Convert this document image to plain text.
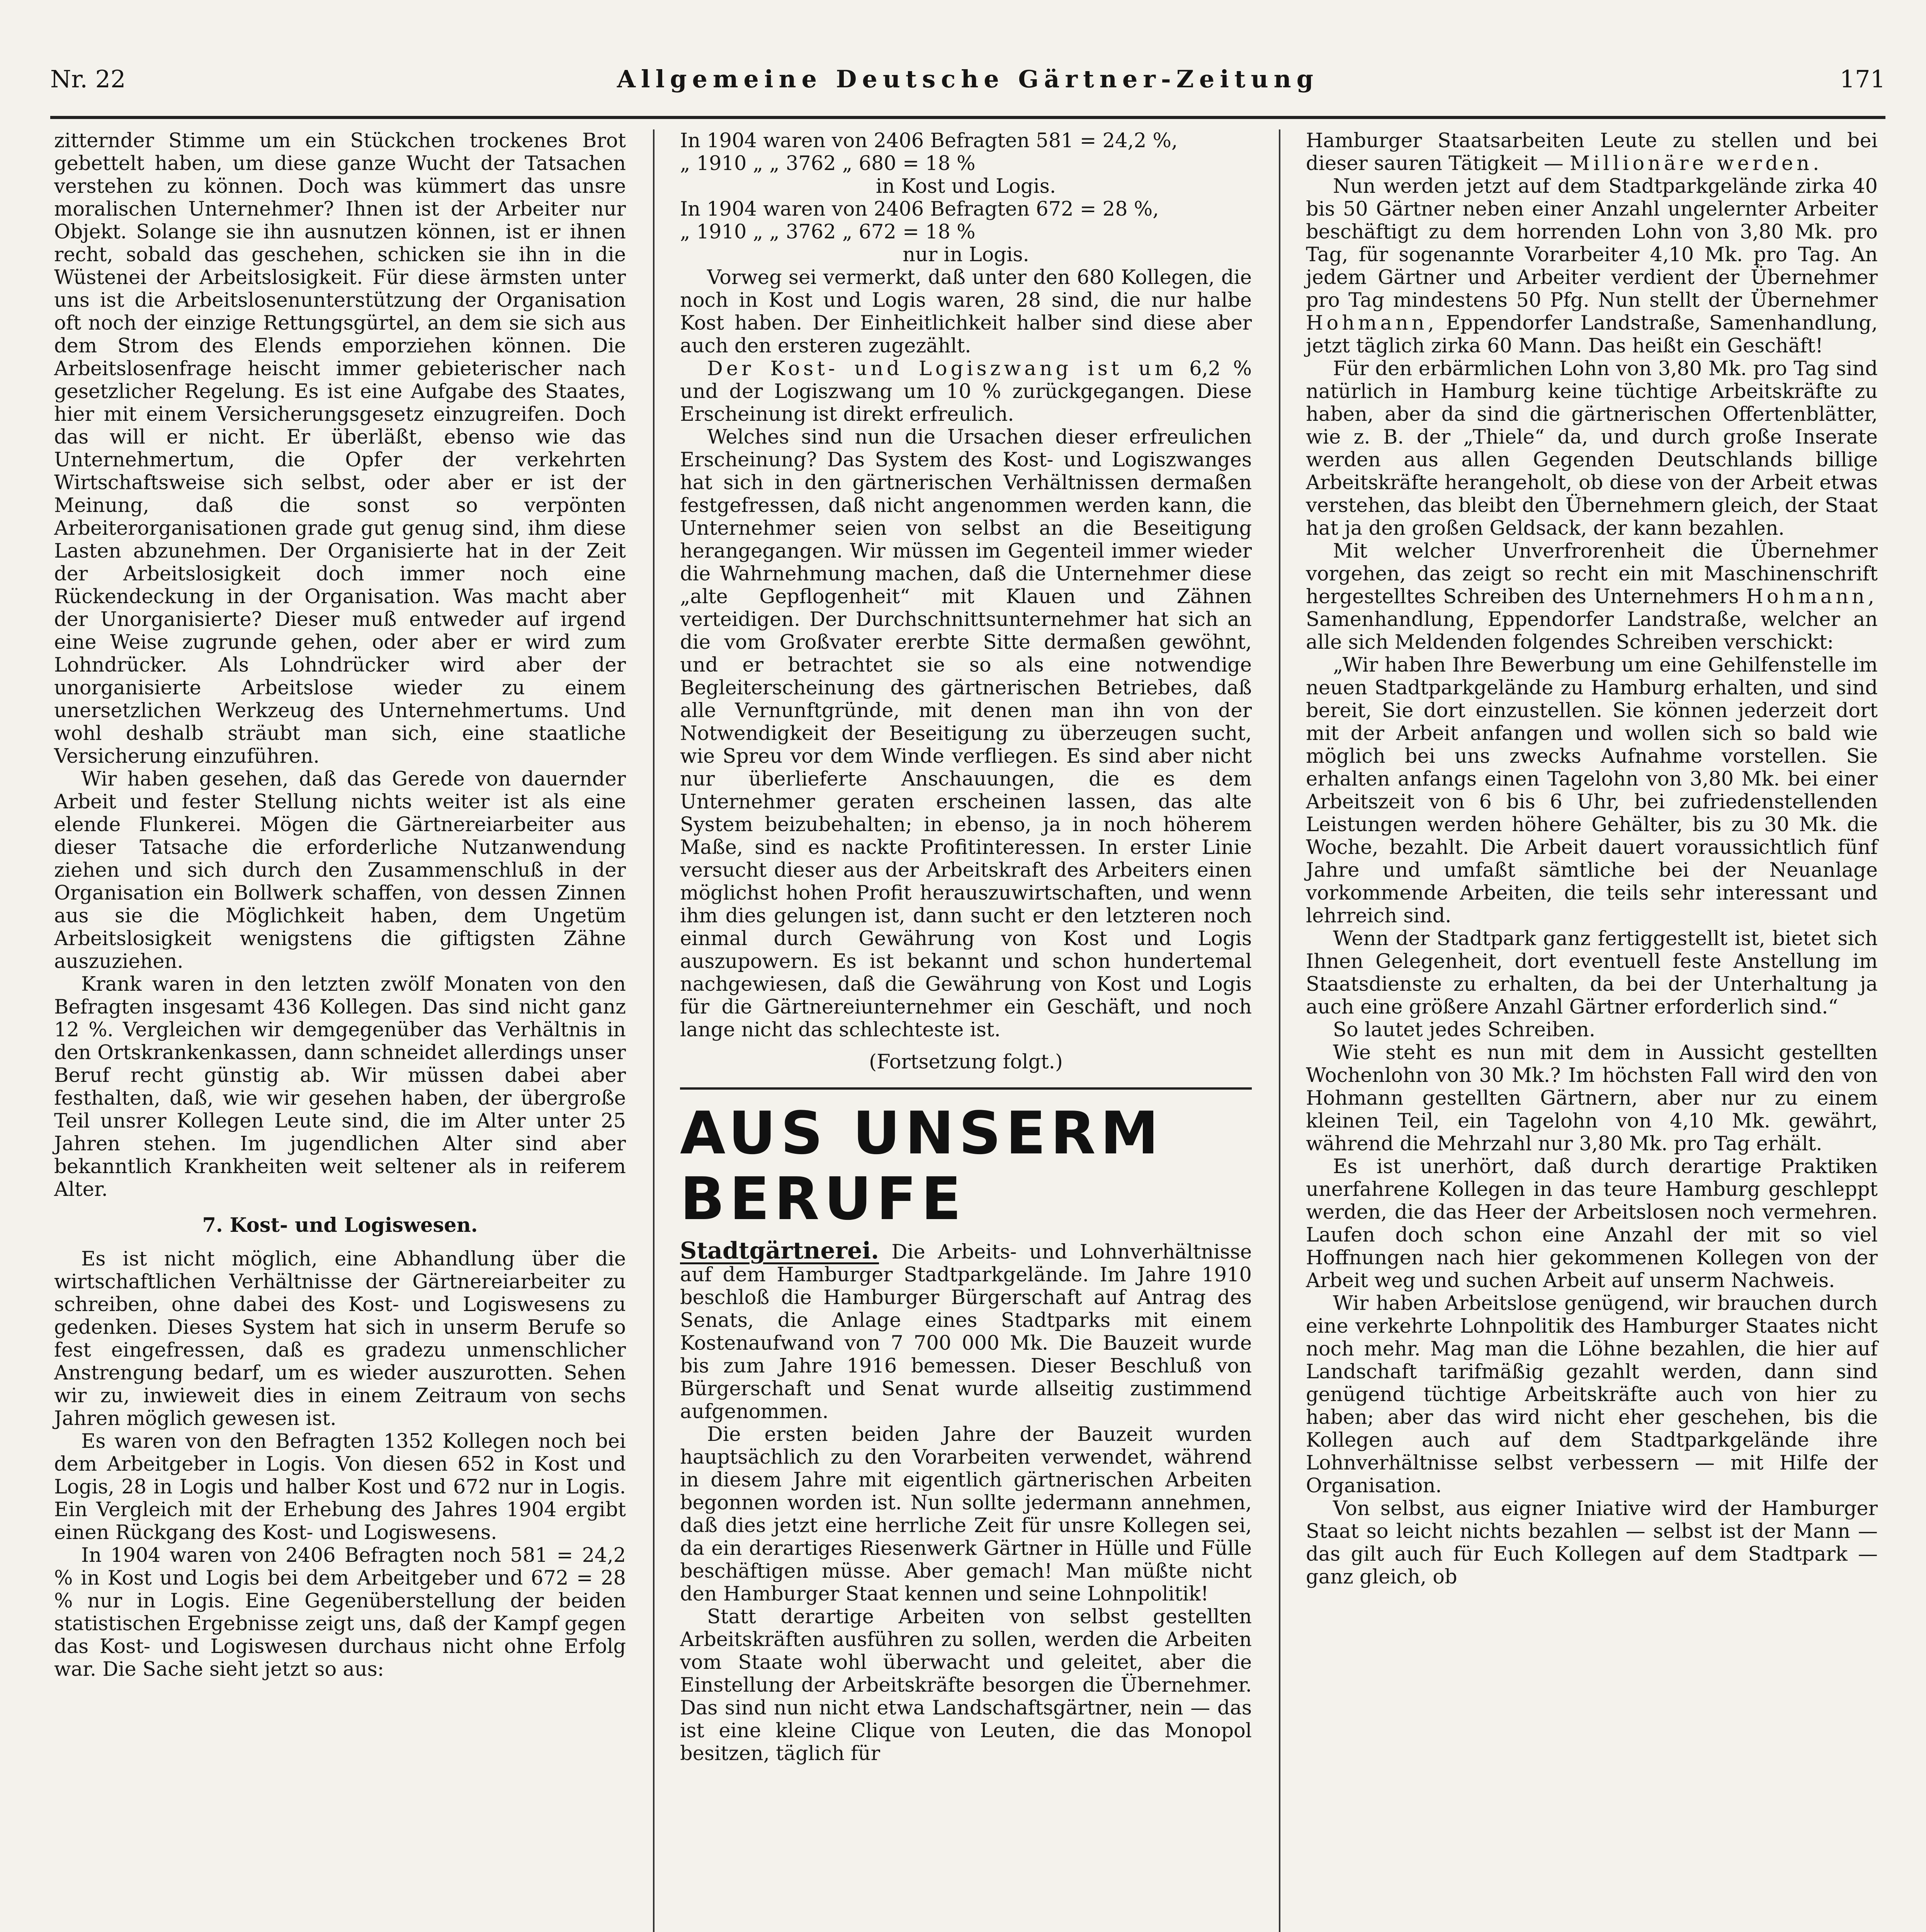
Nr. 22	Allgemeine Deutsche Gärtner-Zeitung	171

zitternder Stimme um ein Stückchen trockenes Brot gebettelt haben, um diese ganze Wucht der Tatsachen verstehen zu können. Doch was kümmert das unsre moralischen Unternehmer? Ihnen ist der Arbeiter nur Objekt. Solange sie ihn ausnutzen können, ist er ihnen recht, sobald das geschehen, schicken sie ihn in die Wüstenei der Arbeitslosigkeit. Für diese ärmsten unter uns ist die Arbeitslosenunterstützung der Organisation oft noch der einzige Rettungsgürtel, an dem sie sich aus dem Strom des Elends emporziehen können. Die Arbeitslosenfrage heischt immer gebieterischer nach gesetzlicher Regelung. Es ist eine Aufgabe des Staates, hier mit einem Versicherungsgesetz einzugreifen. Doch das will er nicht. Er überläßt, ebenso wie das Unternehmertum, die Opfer der verkehrten Wirtschaftsweise sich selbst, oder aber er ist der Meinung, daß die sonst so verpönten Arbeiterorganisationen grade gut genug sind, ihm diese Lasten abzunehmen. Der Organisierte hat in der Zeit der Arbeitslosigkeit doch immer noch eine Rückendeckung in der Organisation. Was macht aber der Unorganisierte? Dieser muß entweder auf irgend eine Weise zugrunde gehen, oder aber er wird zum Lohndrücker. Als Lohndrücker wird aber der unorganisierte Arbeitslose wieder zu einem unersetzlichen Werkzeug des Unternehmertums. Und wohl deshalb sträubt man sich, eine staatliche Versicherung einzuführen.

Wir haben gesehen, daß das Gerede von dauernder Arbeit und fester Stellung nichts weiter ist als eine elende Flunkerei. Mögen die Gärtnereiarbeiter aus dieser Tatsache die erforderliche Nutzanwendung ziehen und sich durch den Zusammenschluß in der Organisation ein Bollwerk schaffen, von dessen Zinnen aus sie die Möglichkeit haben, dem Ungetüm Arbeitslosigkeit wenigstens die giftigsten Zähne auszuziehen.

Krank waren in den letzten zwölf Monaten von den Befragten insgesamt 436 Kollegen. Das sind nicht ganz 12 %. Vergleichen wir demgegenüber das Verhältnis in den Ortskrankenkassen, dann schneidet allerdings unser Beruf recht günstig ab. Wir müssen dabei aber festhalten, daß, wie wir gesehen haben, der übergroße Teil unsrer Kollegen Leute sind, die im Alter unter 25 Jahren stehen. Im jugendlichen Alter sind aber bekanntlich Krankheiten weit seltener als in reiferem Alter.

7. Kost- und Logiswesen.

Es ist nicht möglich, eine Abhandlung über die wirtschaftlichen Verhältnisse der Gärtnereiarbeiter zu schreiben, ohne dabei des Kost- und Logiswesens zu gedenken. Dieses System hat sich in unserm Berufe so fest eingefressen, daß es gradezu unmenschlicher Anstrengung bedarf, um es wieder auszurotten. Sehen wir zu, inwieweit dies in einem Zeitraum von sechs Jahren möglich gewesen ist.

Es waren von den Befragten 1352 Kollegen noch bei dem Arbeitgeber in Logis. Von diesen 652 in Kost und Logis, 28 in Logis und halber Kost und 672 nur in Logis. Ein Vergleich mit der Erhebung des Jahres 1904 ergibt einen Rückgang des Kost- und Logiswesens.

In 1904 waren von 2406 Befragten noch 581 = 24,2 % in Kost und Logis bei dem Arbeitgeber und 672 = 28 % nur in Logis. Eine Gegenüberstellung der beiden statistischen Ergebnisse zeigt uns, daß der Kampf gegen das Kost- und Logiswesen durchaus nicht ohne Erfolg war. Die Sache sieht jetzt so aus:

In 1904 waren von 2406 Befragten 581 = 24,2 %,
„ 1910 „ „ 3762 „ 680 = 18 %
in Kost und Logis.
In 1904 waren von 2406 Befragten 672 = 28 %,
„ 1910 „ „ 3762 „ 672 = 18 %
nur in Logis.

Vorweg sei vermerkt, daß unter den 680 Kollegen, die noch in Kost und Logis waren, 28 sind, die nur halbe Kost haben. Der Einheitlichkeit halber sind diese aber auch den ersteren zugezählt.

Der Kost- und Logiszwang ist um 6,2 % und der Logiszwang um 10 % zurückgegangen. Diese Erscheinung ist direkt erfreulich.

Welches sind nun die Ursachen dieser erfreulichen Erscheinung? Das System des Kost- und Logiszwanges hat sich in den gärtnerischen Verhältnissen dermaßen festgefressen, daß nicht angenommen werden kann, die Unternehmer seien von selbst an die Beseitigung herangegangen. Wir müssen im Gegenteil immer wieder die Wahrnehmung machen, daß die Unternehmer diese „alte Gepflogenheit“ mit Klauen und Zähnen verteidigen. Der Durchschnittsunternehmer hat sich an die vom Großvater ererbte Sitte dermaßen gewöhnt, und er betrachtet sie so als eine notwendige Begleiterscheinung des gärtnerischen Betriebes, daß alle Vernunftgründe, mit denen man ihn von der Notwendigkeit der Beseitigung zu überzeugen sucht, wie Spreu vor dem Winde verfliegen. Es sind aber nicht nur überlieferte Anschauungen, die es dem Unternehmer geraten erscheinen lassen, das alte System beizubehalten; in ebenso, ja in noch höherem Maße, sind es nackte Profitinteressen. In erster Linie versucht dieser aus der Arbeitskraft des Arbeiters einen möglichst hohen Profit herauszuwirtschaften, und wenn ihm dies gelungen ist, dann sucht er den letzteren noch einmal durch Gewährung von Kost und Logis auszupowern. Es ist bekannt und schon hundertemal nachgewiesen, daß die Gewährung von Kost und Logis für die Gärtnereiunternehmer ein Geschäft, und noch lange nicht das schlechteste ist.

(Fortsetzung folgt.)

AUS UNSERM BERUFE

Stadtgärtnerei. Die Arbeits- und Lohnverhältnisse auf dem Hamburger Stadtparkgelände. Im Jahre 1910 beschloß die Hamburger Bürgerschaft auf Antrag des Senats, die Anlage eines Stadtparks mit einem Kostenaufwand von 7 700 000 Mk. Die Bauzeit wurde bis zum Jahre 1916 bemessen. Dieser Beschluß von Bürgerschaft und Senat wurde allseitig zustimmend aufgenommen.

Die ersten beiden Jahre der Bauzeit wurden hauptsächlich zu den Vorarbeiten verwendet, während in diesem Jahre mit eigentlich gärtnerischen Arbeiten begonnen worden ist. Nun sollte jedermann annehmen, daß dies jetzt eine herrliche Zeit für unsre Kollegen sei, da ein derartiges Riesenwerk Gärtner in Hülle und Fülle beschäftigen müsse. Aber gemach! Man müßte nicht den Hamburger Staat kennen und seine Lohnpolitik!

Statt derartige Arbeiten von selbst gestellten Arbeitskräften ausführen zu sollen, werden die Arbeiten vom Staate wohl überwacht und geleitet, aber die Einstellung der Arbeitskräfte besorgen die Übernehmer. Das sind nun nicht etwa Landschaftsgärtner, nein — das ist eine kleine Clique von Leuten, die das Monopol besitzen, täglich für

Hamburger Staatsarbeiten Leute zu stellen und bei dieser sauren Tätigkeit — Millionäre werden.

Nun werden jetzt auf dem Stadtparkgelände zirka 40 bis 50 Gärtner neben einer Anzahl ungelernter Arbeiter beschäftigt zu dem horrenden Lohn von 3,80 Mk. pro Tag, für sogenannte Vorarbeiter 4,10 Mk. pro Tag. An jedem Gärtner und Arbeiter verdient der Übernehmer pro Tag mindestens 50 Pfg. Nun stellt der Übernehmer Hohmann, Eppendorfer Landstraße, Samenhandlung, jetzt täglich zirka 60 Mann. Das heißt ein Geschäft!

Für den erbärmlichen Lohn von 3,80 Mk. pro Tag sind natürlich in Hamburg keine tüchtige Arbeitskräfte zu haben, aber da sind die gärtnerischen Offertenblätter, wie z. B. der „Thiele“ da, und durch große Inserate werden aus allen Gegenden Deutschlands billige Arbeitskräfte herangeholt, ob diese von der Arbeit etwas verstehen, das bleibt den Übernehmern gleich, der Staat hat ja den großen Geldsack, der kann bezahlen.

Mit welcher Unverfrorenheit die Übernehmer vorgehen, das zeigt so recht ein mit Maschinenschrift hergestelltes Schreiben des Unternehmers Hohmann, Samenhandlung, Eppendorfer Landstraße, welcher an alle sich Meldenden folgendes Schreiben verschickt:

„Wir haben Ihre Bewerbung um eine Gehilfenstelle im neuen Stadtparkgelände zu Hamburg erhalten, und sind bereit, Sie dort einzustellen. Sie können jederzeit dort mit der Arbeit anfangen und wollen sich so bald wie möglich bei uns zwecks Aufnahme vorstellen. Sie erhalten anfangs einen Tagelohn von 3,80 Mk. bei einer Arbeitszeit von 6 bis 6 Uhr, bei zufriedenstellenden Leistungen werden höhere Gehälter, bis zu 30 Mk. die Woche, bezahlt. Die Arbeit dauert voraussichtlich fünf Jahre und umfaßt sämtliche bei der Neuanlage vorkommende Arbeiten, die teils sehr interessant und lehrreich sind.

Wenn der Stadtpark ganz fertiggestellt ist, bietet sich Ihnen Gelegenheit, dort eventuell feste Anstellung im Staatsdienste zu erhalten, da bei der Unterhaltung ja auch eine größere Anzahl Gärtner erforderlich sind.“

So lautet jedes Schreiben.

Wie steht es nun mit dem in Aussicht gestellten Wochenlohn von 30 Mk.? Im höchsten Fall wird den von Hohmann gestellten Gärtnern, aber nur zu einem kleinen Teil, ein Tagelohn von 4,10 Mk. gewährt, während die Mehrzahl nur 3,80 Mk. pro Tag erhält.

Es ist unerhört, daß durch derartige Praktiken unerfahrene Kollegen in das teure Hamburg geschleppt werden, die das Heer der Arbeitslosen noch vermehren. Laufen doch schon eine Anzahl der mit so viel Hoffnungen nach hier gekommenen Kollegen von der Arbeit weg und suchen Arbeit auf unserm Nachweis.

Wir haben Arbeitslose genügend, wir brauchen durch eine verkehrte Lohnpolitik des Hamburger Staates nicht noch mehr. Mag man die Löhne bezahlen, die hier auf Landschaft tarifmäßig gezahlt werden, dann sind genügend tüchtige Arbeitskräfte auch von hier zu haben; aber das wird nicht eher geschehen, bis die Kollegen auch auf dem Stadtparkgelände ihre Lohnverhältnisse selbst verbessern — mit Hilfe der Organisation.

Von selbst, aus eigner Iniative wird der Hamburger Staat so leicht nichts bezahlen — selbst ist der Mann — das gilt auch für Euch Kollegen auf dem Stadtpark — ganz gleich, ob
